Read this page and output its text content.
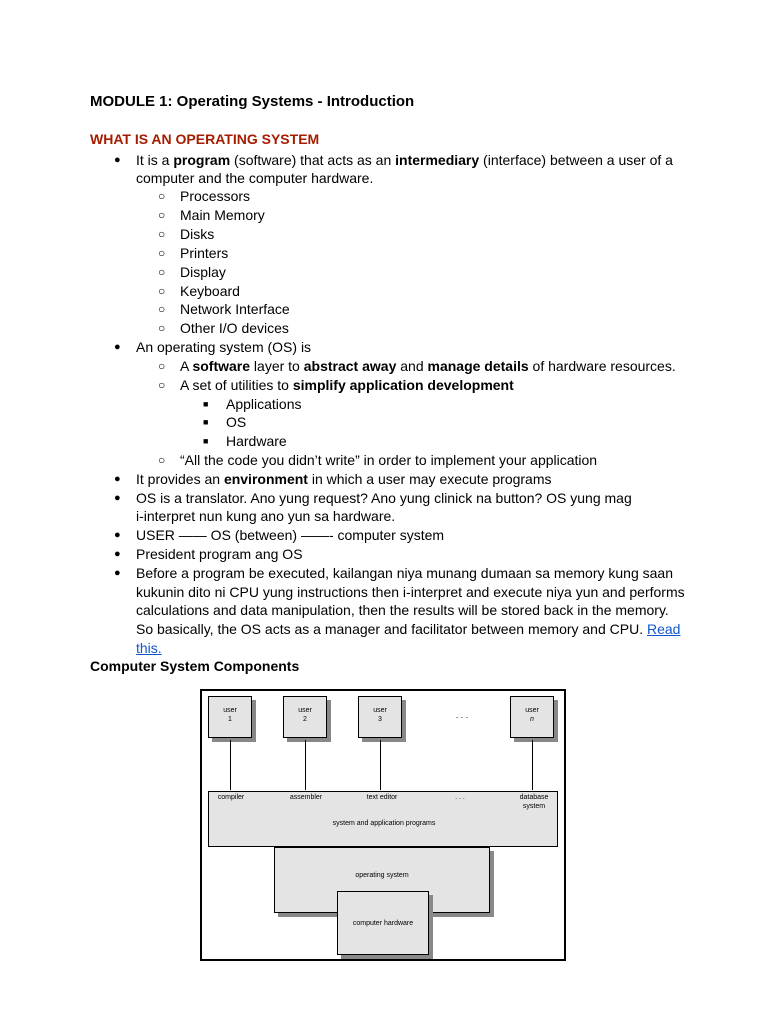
MODULE 1: Operating Systems - Introduction
WHAT IS AN OPERATING SYSTEM
● It is a program (software) that acts as an intermediary (interface) between a user of a
computer and the computer hardware.
○ Processors
○ Main Memory
○ Disks
○ Printers
○ Display
○ Keyboard
○ Network Interface
○ Other I/O devices
● An operating system (OS) is
○ A software layer to abstract away and manage details of hardware resources.
○ A set of utilities to simplify application development
■ Applications
■ OS
■ Hardware
○ “All the code you didn’t write” in order to implement your application
● It provides an environment in which a user may execute programs
● OS is a translator. Ano yung request? Ano yung clinick na button? OS yung mag
i-interpret nun kung ano yun sa hardware.
● USER —— OS (between) ——- computer system
● President program ang OS
● Before a program be executed, kailangan niya munang dumaan sa memory kung saan
kukunin dito ni CPU yung instructions then i-interpret and execute niya yun and performs
calculations and data manipulation, then the results will be stored back in the memory.
So basically, the OS acts as a manager and facilitator between memory and CPU. Read
this.
Computer System Components
user
1
user
2
user
3	. . .	user
n
compiler	assembler	text editor	. . .	database
system
system and application programs
operating system
computer hardware
